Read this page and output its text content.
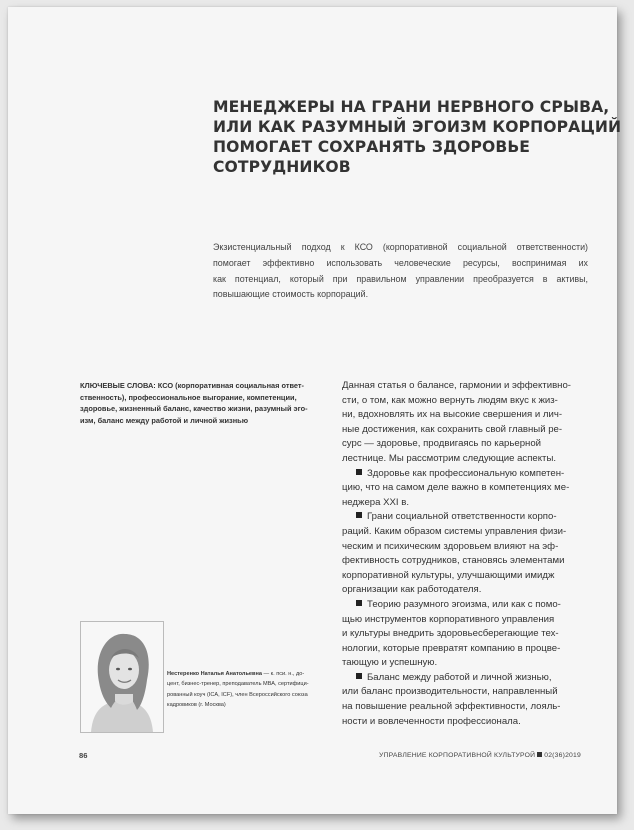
МЕНЕДЖЕРЫ НА ГРАНИ НЕРВНОГО СРЫВА,
ИЛИ КАК РАЗУМНЫЙ ЭГОИЗМ КОРПОРАЦИЙ
ПОМОГАЕТ СОХРАНЯТЬ ЗДОРОВЬЕ
СОТРУДНИКОВ

Экзистенциальный подход к КСО (корпоративной социальной ответственности)
помогает эффективно использовать человеческие ресурсы, воспринимая их
как потенциал, который при правильном управлении преобразуется в активы,
повышающие стоимость корпораций.

КЛЮЧЕВЫЕ СЛОВА: КСО (корпоративная социальная ответ-
ственность), профессиональное выгорание, компетенции,
здоровье, жизненный баланс, качество жизни, разумный эго-
изм, баланс между работой и личной жизнью

Данная статья о балансе, гармонии и эффективно-
сти, о том, как можно вернуть людям вкус к жиз-
ни, вдохновлять их на высокие свершения и лич-
ные достижения, как сохранить свой главный ре-
сурс — здоровье, продвигаясь по карьерной
лестнице. Мы рассмотрим следующие аспекты.

Здоровье как профессиональную компетен-
цию, что на самом деле важно в компетенциях ме-
неджера XXI в.

Грани социальной ответственности корпо-
раций. Каким образом системы управления физи-
ческим и психическим здоровьем влияют на эф-
фективность сотрудников, становясь элементами
корпоративной культуры, улучшающими имидж
организации как работодателя.

Теорию разумного эгоизма, или как с помо-
щью инструментов корпоративного управления
и культуры внедрить здоровьесберегающие тех-
нологии, которые превратят компанию в процве-
тающую и успешную.

Баланс между работой и личной жизнью,
или баланс производительности, направленный
на повышение реальной эффективности, лояль-
ности и вовлеченности профессионала.

Нестеренко Наталья Анатольевна — к. пси. н., до-
цент, бизнес-тренер, преподаватель МВА, сертифици-
рованный коуч (ICA, ICF), член Всероссийского союза
кадровиков (г. Москва)

86	УПРАВЛЕНИЕ КОРПОРАТИВНОЙ КУЛЬТУРОЙ 02(36)2019
